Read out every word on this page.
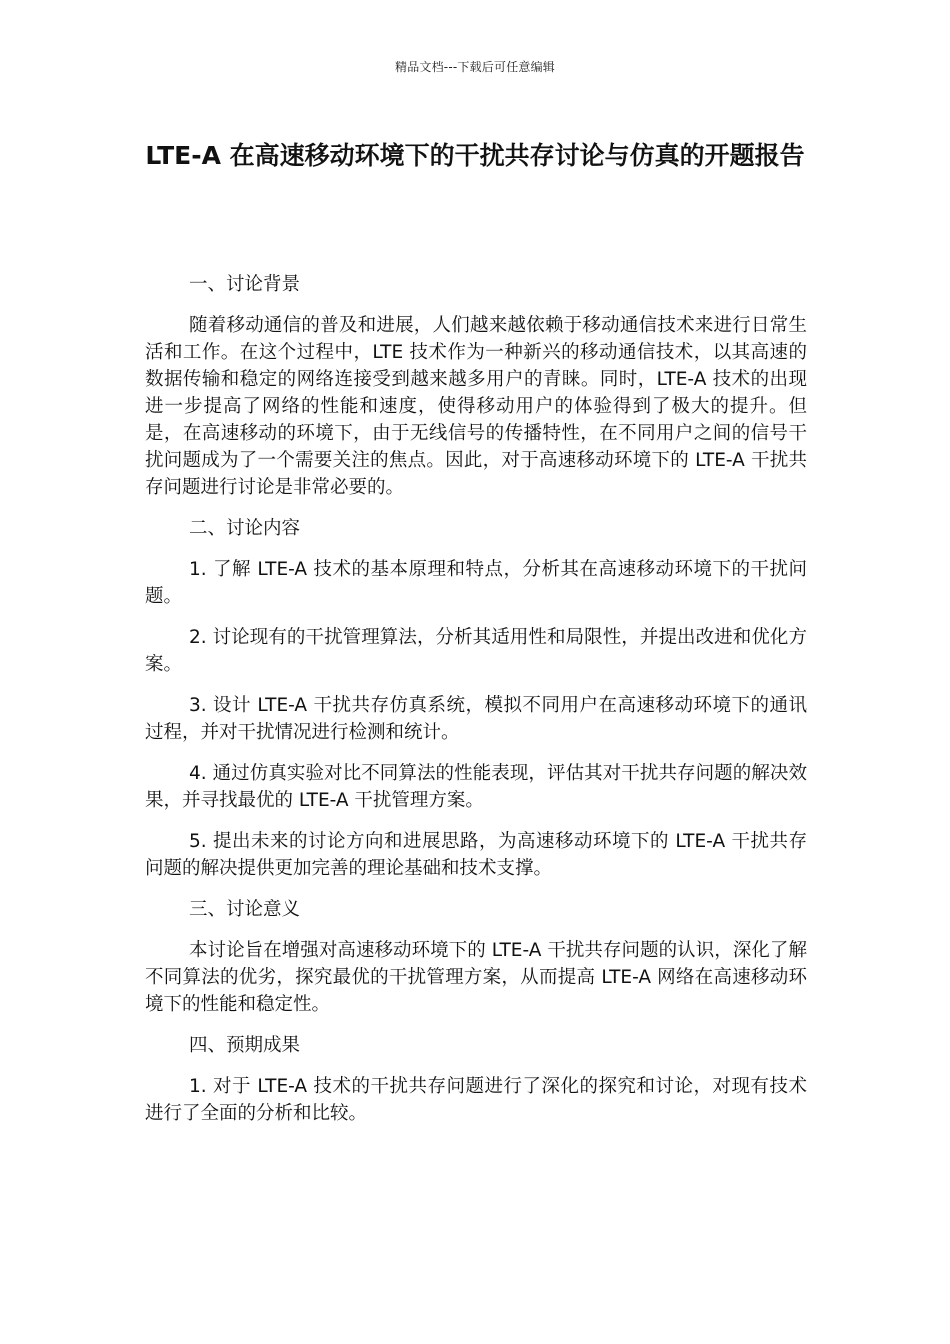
精品文档---下载后可任意编辑
LTE-A 在高速移动环境下的干扰共存讨论与仿真的开题报告

一、讨论背景

随着移动通信的普及和进展，人们越来越依赖于移动通信技术来进行日常生活和工作。在这个过程中，LTE 技术作为一种新兴的移动通信技术，以其高速的数据传输和稳定的网络连接受到越来越多用户的青睐。同时，LTE-A 技术的出现进一步提高了网络的性能和速度，使得移动用户的体验得到了极大的提升。但是，在高速移动的环境下，由于无线信号的传播特性，在不同用户之间的信号干扰问题成为了一个需要关注的焦点。因此，对于高速移动环境下的 LTE-A 干扰共存问题进行讨论是非常必要的。

二、讨论内容

1. 了解 LTE-A 技术的基本原理和特点，分析其在高速移动环境下的干扰问题。

2. 讨论现有的干扰管理算法，分析其适用性和局限性，并提出改进和优化方案。

3. 设计 LTE-A 干扰共存仿真系统，模拟不同用户在高速移动环境下的通讯过程，并对干扰情况进行检测和统计。

4. 通过仿真实验对比不同算法的性能表现，评估其对干扰共存问题的解决效果，并寻找最优的 LTE-A 干扰管理方案。

5. 提出未来的讨论方向和进展思路，为高速移动环境下的 LTE-A 干扰共存问题的解决提供更加完善的理论基础和技术支撑。

三、讨论意义

本讨论旨在增强对高速移动环境下的 LTE-A 干扰共存问题的认识，深化了解不同算法的优劣，探究最优的干扰管理方案，从而提高 LTE-A 网络在高速移动环境下的性能和稳定性。

四、预期成果

1. 对于 LTE-A 技术的干扰共存问题进行了深化的探究和讨论，对现有技术进行了全面的分析和比较。
